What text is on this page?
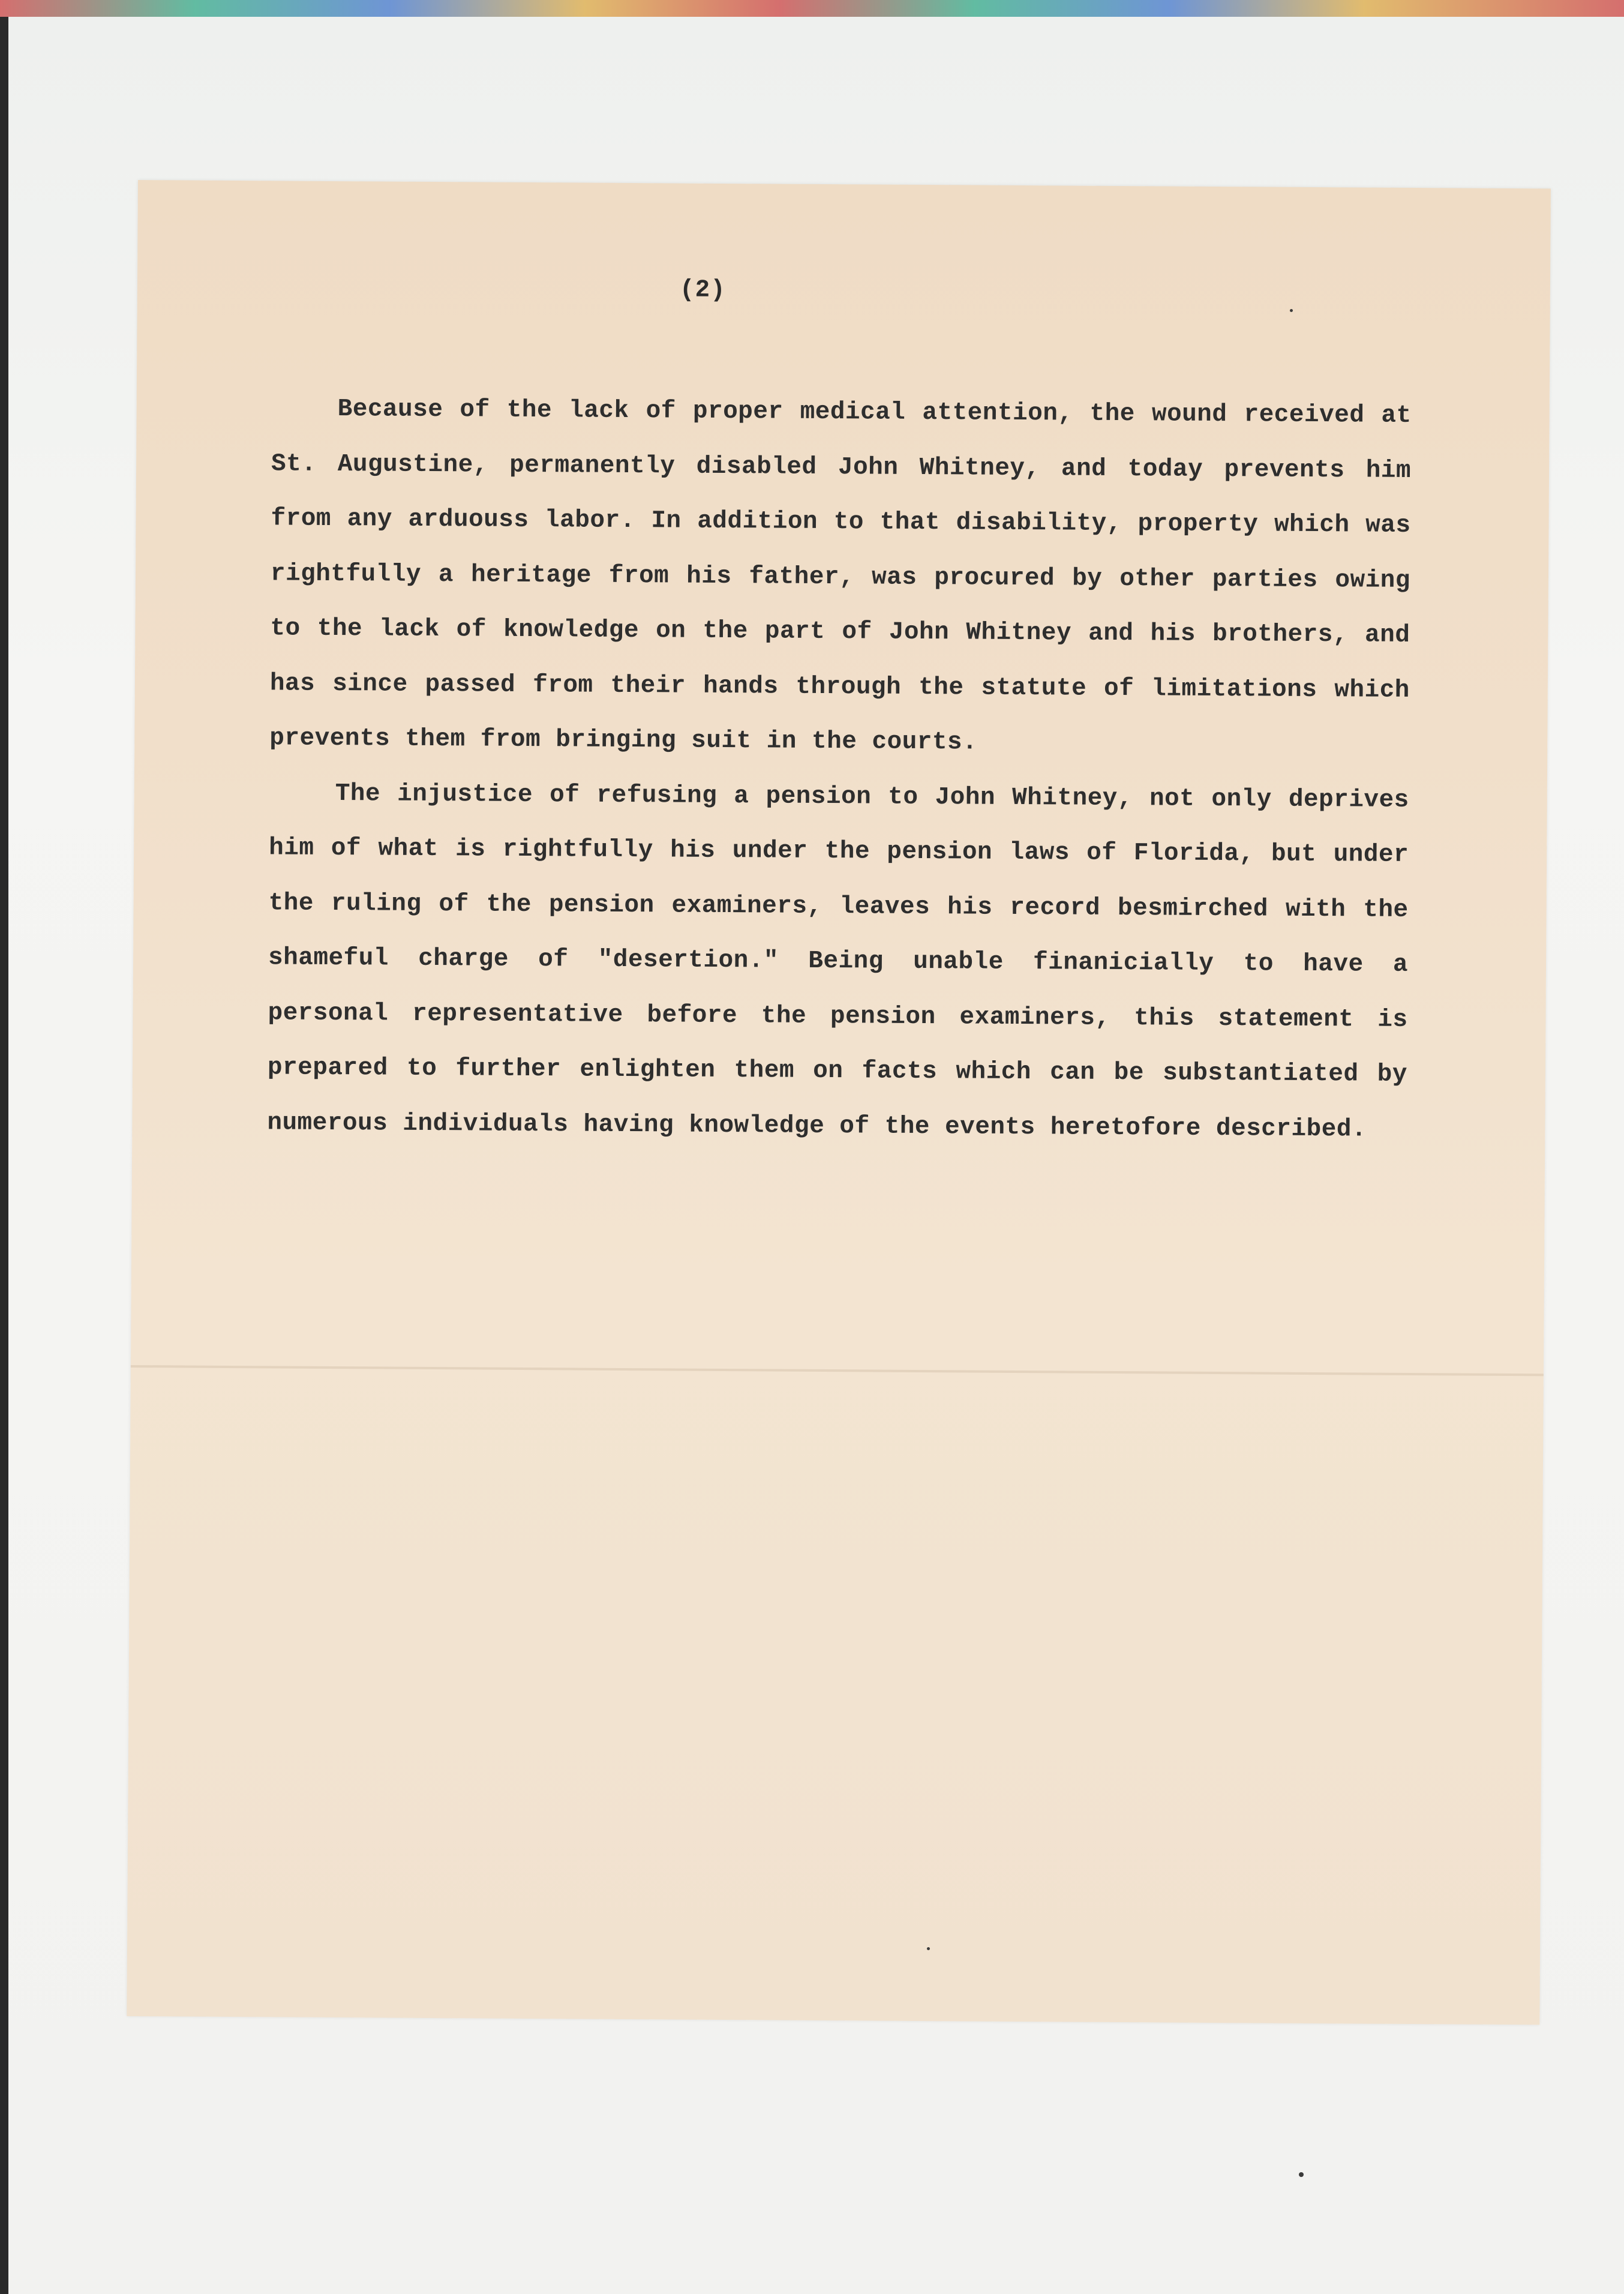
(2)

Because of the lack of proper medical attention, the wound received at St. Augustine, permanently disabled John Whitney, and today prevents him from any arduouss labor. In addition to that disability, property which was rightfully a heritage from his father, was procured by other parties owing to the lack of knowledge on the part of John Whitney and his brothers, and has since passed from their hands through the statute of limitations which prevents them from bringing suit in the courts.

The injustice of refusing a pension to John Whitney, not only deprives him of what is rightfully his under the pension laws of Florida, but under the ruling of the pension examiners, leaves his record besmirched with the shameful charge of "desertion." Being unable finanicially to have a personal representative before the pension examiners, this statement is prepared to further enlighten them on facts which can be substantiated by numerous individuals having knowledge of the events heretofore described.
